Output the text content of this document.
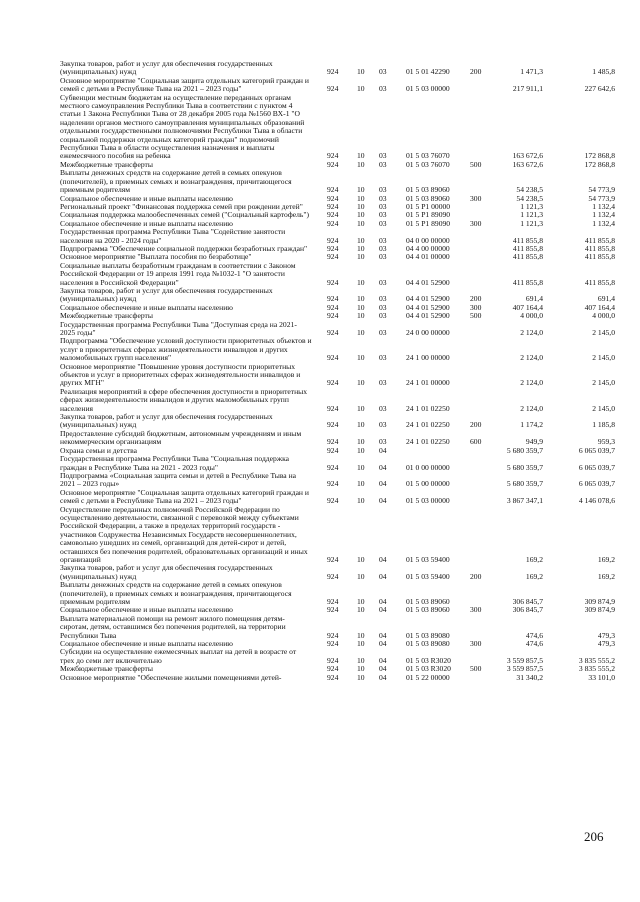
Закупка товаров, работ и услуг для обеспечения государственных (муниципальных) нужд	924 10 03	01 5 01 42290	200	1 471,3	1 485,8
Основное мероприятие "Социальная защита отдельных категорий граждан и семей с детьми в Республике Тыва на 2021 – 2023 годы"	924 10 03	01 5 03 00000	217 911,1	227 642,6
Субвенции местным бюджетам на осуществление переданных органам местного самоуправления Республики Тыва в соответствии с пунктом 4 статьи 1 Закона Республики Тыва от 28 декабря 2005 года №1560 ВХ-1 "О наделении органов местного самоуправления муниципальных образований отдельными государственными полномочиями Республики Тыва в области социальной поддержки отдельных категорий граждан" подномочий Республики Тыва в области осуществления назначения и выплаты ежемесячного пособия на ребенка	924 10 03	01 5 03 76070	163 672,6	172 868,8
Межбюджетные трансферты	924 10 03	01 5 03 76070	500	163 672,6	172 868,8
Выплаты денежных средств на содержание детей в семьях опекунов (попечителей), в приемных семьях и вознаграждения, причитающегося приемным родителям	924 10 03	01 5 03 89060	54 238,5	54 773,9
Социальное обеспечение и иные выплаты населению	924 10 03	01 5 03 89060	300	54 238,5	54 773,9
Региональный проект "Финансовая поддержка семей при рождении детей"	924 10 03	01 5 P1 00000	1 121,3	1 132,4
Социальная поддержка малообеспеченных семей ("Социальный картофель")	924 10 03	01 5 P1 89090	1 121,3	1 132,4
Социальное обеспечение и иные выплаты населению	924 10 03	01 5 P1 89090	300	1 121,3	1 132,4
Государственная программа Республики Тыва "Содействие занятости населения на 2020 - 2024 годы"	924 10 03	04 0 00 00000	411 855,8	411 855,8
Подпрограмма "Обеспечение социальной поддержки безработных граждан"	924 10 03	04 4 00 00000	411 855,8	411 855,8
Основное мероприятие "Выплата пособия по безработице"	924 10 03	04 4 01 00000	411 855,8	411 855,8
Социальные выплаты безработным гражданам в соответствии с Законом Российской Федерации от 19 апреля 1991 года №1032-1 "О занятости населения в Российской Федерации"	924 10 03	04 4 01 52900	411 855,8	411 855,8
Закупка товаров, работ и услуг для обеспечения государственных (муниципальных) нужд	924 10 03	04 4 01 52900	200	691,4	691,4
Социальное обеспечение и иные выплаты населению	924 10 03	04 4 01 52900	300	407 164,4	407 164,4
Межбюджетные трансферты	924 10 03	04 4 01 52900	500	4 000,0	4 000,0
Государственная программа Республики Тыва "Доступная среда на 2021-2025 годы"	924 10 03	24 0 00 00000	2 124,0	2 145,0
Подпрограмма "Обеспечение условий доступности приоритетных объектов и услуг в приоритетных сферах жизнедеятельности инвалидов и других маломобильных групп населения"	924 10 03	24 1 00 00000	2 124,0	2 145,0
Основное мероприятие "Повышение уровня доступности приоритетных объектов и услуг в приоритетных сферах жизнедеятельности инвалидов и других МГН"	924 10 03	24 1 01 00000	2 124,0	2 145,0
Реализация мероприятий в сфере обеспечения доступности в приоритетных сферах жизнедеятельности инвалидов и других маломобильных групп населения	924 10 03	24 1 01 02250	2 124,0	2 145,0
Закупка товаров, работ и услуг для обеспечения государственных (муниципальных) нужд	924 10 03	24 1 01 02250	200	1 174,2	1 185,8
Предоставление субсидий бюджетным, автономным учреждениям и иным некоммерческим организациям	924 10 03	24 1 01 02250	600	949,9	959,3
Охрана семьи и детства	924 10 04	5 680 359,7	6 065 039,7
Государственная программа Республики Тыва "Социальная поддержка граждан в Республике Тыва на 2021 - 2023 годы"	924 10 04	01 0 00 00000	5 680 359,7	6 065 039,7
Подпрограмма «Социальная защита семьи и детей в Республике Тыва на 2021 – 2023 годы»	924 10 04	01 5 00 00000	5 680 359,7	6 065 039,7
Основное мероприятие "Социальная защита отдельных категорий граждан и семей с детьми в Республике Тыва на 2021 – 2023 годы"	924 10 04	01 5 03 00000	3 867 347,1	4 146 078,6
Осуществление переданных полномочий Российской Федерации по осуществлению деятельности, связанной с перевозкой между субъектами Российской Федерации, а также в пределах территорий государств - участников Содружества Независимых Государств несовершеннолетних, самовольно ушедших из семей, организаций для детей-сирот и детей, оставшихся без попечения родителей, образовательных организаций и иных организаций	924 10 04	01 5 03 59400	169,2	169,2
Закупка товаров, работ и услуг для обеспечения государственных (муниципальных) нужд	924 10 04	01 5 03 59400	200	169,2	169,2
Выплаты денежных средств на содержание детей в семьях опекунов (попечителей), в приемных семьях и вознаграждения, причитающегося приемным родителям	924 10 04	01 5 03 89060	306 845,7	309 874,9
Социальное обеспечение и иные выплаты населению	924 10 04	01 5 03 89060	300	306 845,7	309 874,9
Выплата материальной помощи на ремонт жилого помещения детям-сиротам, детям, оставшимся без попечения родителей, на территории Республики Тыва	924 10 04	01 5 03 89080	474,6	479,3
Социальное обеспечение и иные выплаты населению	924 10 04	01 5 03 89080	300	474,6	479,3
Субсидии на осуществление ежемесячных выплат на детей в возрасте от трех до семи лет включительно	924 10 04	01 5 03 R3020	3 559 857,5	3 835 555,2
Межбюджетные трансферты	924 10 04	01 5 03 R3020	500	3 559 857,5	3 835 555,2
Основное мероприятие "Обеспечение жилыми помещениями детей-	924 10 04	01 5 22 00000	31 340,2	33 101,0
206
